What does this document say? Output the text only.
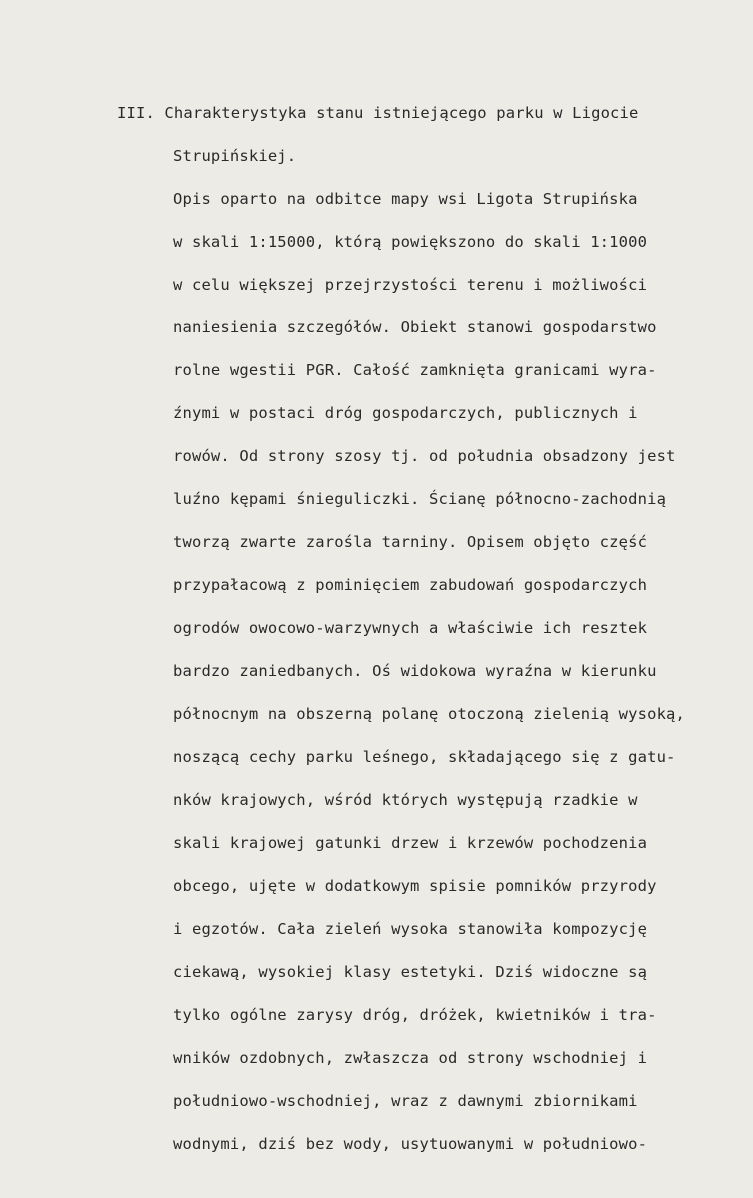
III. Charakterystyka stanu istniejącego parku w Ligocie
Strupińskiej.
Opis oparto na odbitce mapy wsi Ligota Strupińska
w skali 1:15000, którą powiększono do skali 1:1000
w celu większej przejrzystości terenu i możliwości
naniesienia szczegółów. Obiekt stanowi gospodarstwo
rolne wgestii PGR. Całość zamknięta granicami wyra-
źnymi w postaci dróg gospodarczych, publicznych i
rowów. Od strony szosy tj. od południa obsadzony jest
luźno kępami śnieguliczki. Ścianę północno-zachodnią
tworzą zwarte zarośla tarniny. Opisem objęto część
przypałacową z pominięciem zabudowań gospodarczych
ogrodów owocowo-warzywnych a właściwie ich resztek
bardzo zaniedbanych. Oś widokowa wyraźna w kierunku
północnym na obszerną polanę otoczoną zielenią wysoką,
noszącą cechy parku leśnego, składającego się z gatu-
nków krajowych, wśród których występują rzadkie w
skali krajowej gatunki drzew i krzewów pochodzenia
obcego, ujęte w dodatkowym spisie pomników przyrody
i egzotów. Cała zieleń wysoka stanowiła kompozycję
ciekawą, wysokiej klasy estetyki. Dziś widoczne są
tylko ogólne zarysy dróg, dróżek, kwietników i tra-
wników ozdobnych, zwłaszcza od strony wschodniej i
południowo-wschodniej, wraz z dawnymi zbiornikami
wodnymi, dziś bez wody, usytuowanymi w południowo-
